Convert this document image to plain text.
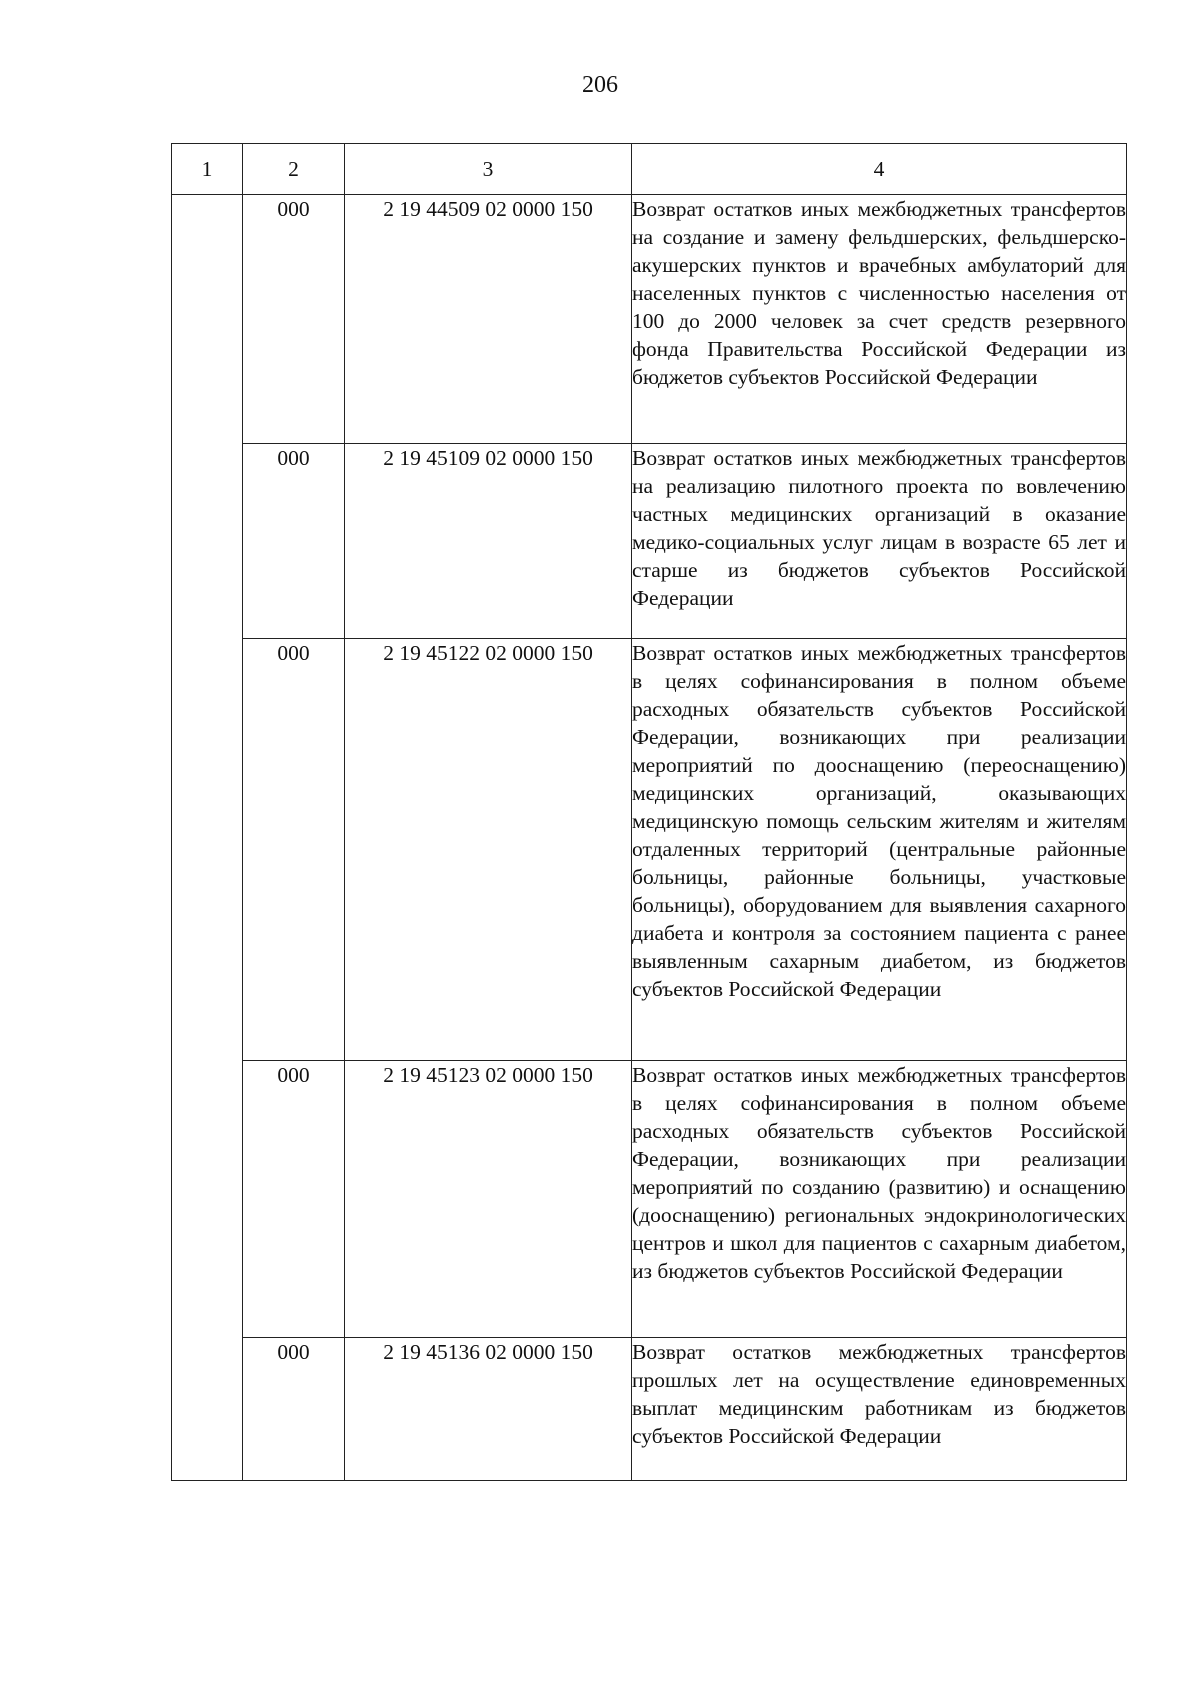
206
1	2	3	4
	000	2 19 44509 02 0000 150	Возврат остатков иных межбюджетных трансфертов на создание и замену фельдшерских, фельдшерско-акушерских пунктов и врачебных амбулаторий для населенных пунктов с численностью населения от 100 до 2000 человек за счет средств резервного фонда Правительства Российской Федерации из бюджетов субъектов Российской Федерации

	000	2 19 45109 02 0000 150	Возврат остатков иных межбюджетных трансфертов на реализацию пилотного проекта по вовлечению частных медицинских организаций в оказание медико-социальных услуг лицам в возрасте 65 лет и старше из бюджетов субъектов Российской Федерации

	000	2 19 45122 02 0000 150	Возврат остатков иных межбюджетных трансфертов в целях софинансирования в полном объеме расходных обязательств субъектов Российской Федерации, возникающих при реализации мероприятий по дооснащению (переоснащению) медицинских организаций, оказывающих медицинскую помощь сельским жителям и жителям отдаленных территорий (центральные районные больницы, районные больницы, участковые больницы), оборудованием для выявления сахарного диабета и контроля за состоянием пациента с ранее выявленным сахарным диабетом, из бюджетов субъектов Российской Федерации

	000	2 19 45123 02 0000 150	Возврат остатков иных межбюджетных трансфертов в целях софинансирования в полном объеме расходных обязательств субъектов Российской Федерации, возникающих при реализации мероприятий по созданию (развитию) и оснащению (дооснащению) региональных эндокринологических центров и школ для пациентов с сахарным диабетом, из бюджетов субъектов Российской Федерации

	000	2 19 45136 02 0000 150	Возврат остатков межбюджетных трансфертов прошлых лет на осуществление единовременных выплат медицинским работникам из бюджетов субъектов Российской Федерации
